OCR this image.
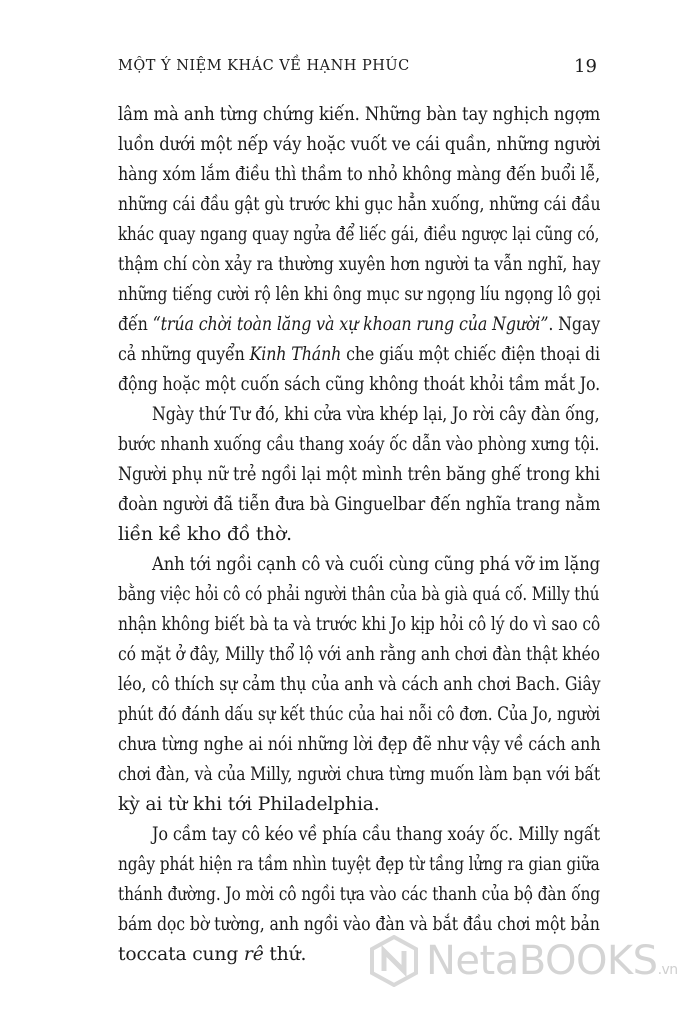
MỘT Ý NIỆM KHÁC VỀ HẠNH PHÚC	19
lâm mà anh từng chứng kiến. Những bàn tay nghịch ngợm
luồn dưới một nếp váy hoặc vuốt ve cái quần, những người
hàng xóm lắm điều thì thầm to nhỏ không màng đến buổi lễ,
những cái đầu gật gù trước khi gục hẳn xuống, những cái đầu
khác quay ngang quay ngửa để liếc gái, điều ngược lại cũng có,
thậm chí còn xảy ra thường xuyên hơn người ta vẫn nghĩ, hay
những tiếng cười rộ lên khi ông mục sư ngọng líu ngọng lô gọi
đến “trúa chời toàn lăng và xự khoan rung của Người”. Ngay
cả những quyển Kinh Thánh che giấu một chiếc điện thoại di
động hoặc một cuốn sách cũng không thoát khỏi tầm mắt Jo.
Ngày thứ Tư đó, khi cửa vừa khép lại, Jo rời cây đàn ống,
bước nhanh xuống cầu thang xoáy ốc dẫn vào phòng xưng tội.
Người phụ nữ trẻ ngồi lại một mình trên băng ghế trong khi
đoàn người đã tiễn đưa bà Ginguelbar đến nghĩa trang nằm
liền kề kho đồ thờ.
Anh tới ngồi cạnh cô và cuối cùng cũng phá vỡ im lặng
bằng việc hỏi cô có phải người thân của bà già quá cố. Milly thú
nhận không biết bà ta và trước khi Jo kịp hỏi cô lý do vì sao cô
có mặt ở đây, Milly thổ lộ với anh rằng anh chơi đàn thật khéo
léo, cô thích sự cảm thụ của anh và cách anh chơi Bach. Giây
phút đó đánh dấu sự kết thúc của hai nỗi cô đơn. Của Jo, người
chưa từng nghe ai nói những lời đẹp đẽ như vậy về cách anh
chơi đàn, và của Milly, người chưa từng muốn làm bạn với bất
kỳ ai từ khi tới Philadelphia.
Jo cầm tay cô kéo về phía cầu thang xoáy ốc. Milly ngất
ngây phát hiện ra tầm nhìn tuyệt đẹp từ tầng lửng ra gian giữa
thánh đường. Jo mời cô ngồi tựa vào các thanh của bộ đàn ống
bám dọc bờ tường, anh ngồi vào đàn và bắt đầu chơi một bản
toccata cung rê thứ.	NetaBOOKS.vn
